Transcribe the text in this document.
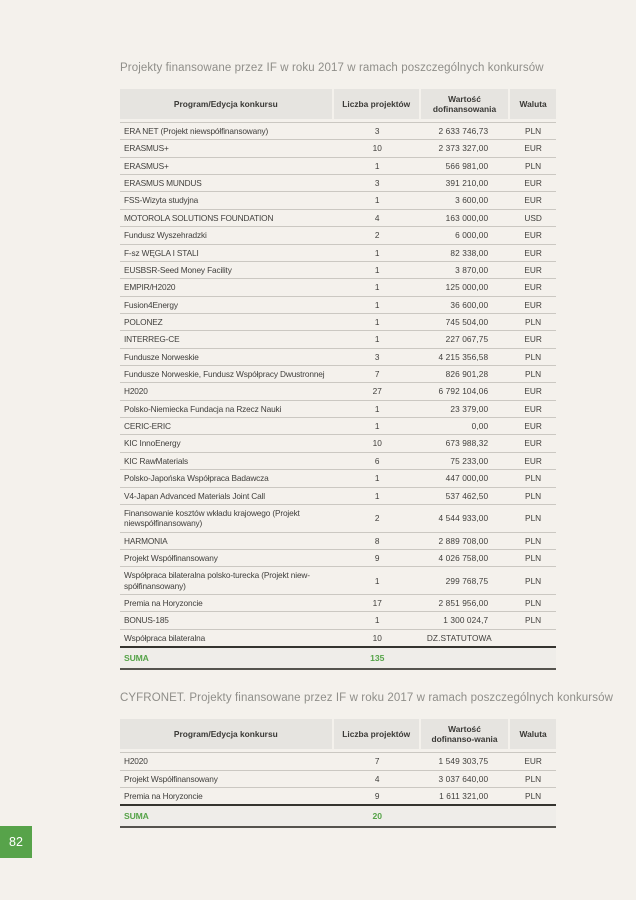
Projekty finansowane przez IF w roku 2017 w ramach poszczególnych konkursów
Program/Edycja konkursu	Liczba projektów	Wartość dofinansowania	Waluta
ERA NET (Projekt niewspółfinansowany)	3	2 633 746,73	PLN
ERASMUS+	10	2 373 327,00	EUR
ERASMUS+	1	566 981,00	PLN
ERASMUS MUNDUS	3	391 210,00	EUR
FSS-Wizyta studyjna	1	3 600,00	EUR
MOTOROLA SOLUTIONS FOUNDATION	4	163 000,00	USD
Fundusz Wyszehradzki	2	6 000,00	EUR
F-sz WĘGLA I STALI	1	82 338,00	EUR
EUSBSR-Seed Money Facility	1	3 870,00	EUR
EMPIR/H2020	1	125 000,00	EUR
Fusion4Energy	1	36 600,00	EUR
POLONEZ	1	745 504,00	PLN
INTERREG-CE	1	227 067,75	EUR
Fundusze Norweskie	3	4 215 356,58	PLN
Fundusze Norweskie, Fundusz Współpracy Dwustronnej	7	826 901,28	PLN
H2020	27	6 792 104,06	EUR
Polsko-Niemiecka Fundacja na Rzecz Nauki	1	23 379,00	EUR
CERIC-ERIC	1	0,00	EUR
KIC InnoEnergy	10	673 988,32	EUR
KIC RawMaterials	6	75 233,00	EUR
Polsko-Japońska Współpraca Badawcza	1	447 000,00	PLN
V4-Japan Advanced Materials Joint Call	1	537 462,50	PLN
Finansowanie kosztów wkładu krajowego (Projekt niewspółfinansowany)	2	4 544 933,00	PLN
HARMONIA	8	2 889 708,00	PLN
Projekt Współfinansowany	9	4 026 758,00	PLN
Współpraca bilateralna polsko-turecka (Projekt niew-spółfinansowany)	1	299 768,75	PLN
Premia na Horyzoncie	17	2 851 956,00	PLN
BONUS-185	1	1 300 024,7	PLN
Współpraca bilateralna	10	DZ.STATUTOWA	
SUMA	135		
CYFRONET. Projekty finansowane przez IF w roku 2017 w ramach poszczególnych konkursów
Program/Edycja konkursu	Liczba projektów	Wartość dofinanso-wania	Waluta
H2020	7	1 549 303,75	EUR
Projekt Współfinansowany	4	3 037 640,00	PLN
Premia na Horyzoncie	9	1 611 321,00	PLN
SUMA	20		
82
